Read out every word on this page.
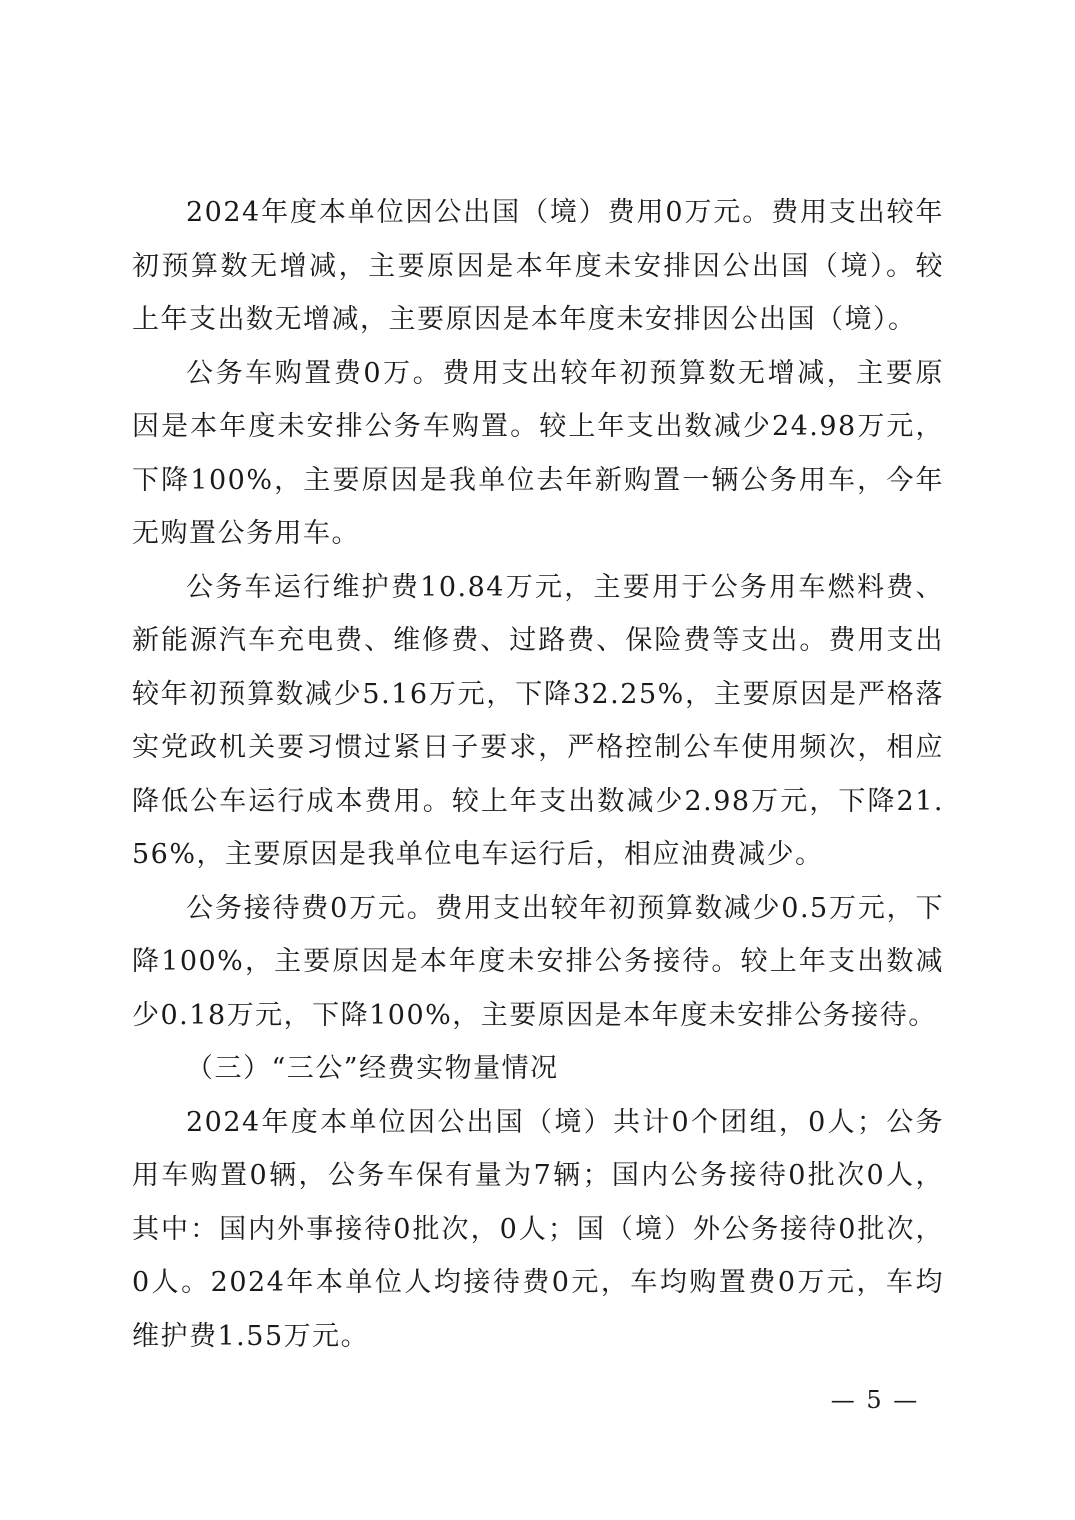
2024年度本单位因公出国（境）费用0万元。费用支出较年初预算数无增减，主要原因是本年度未安排因公出国（境）。较上年支出数无增减，主要原因是本年度未安排因公出国（境）。

公务车购置费0万。费用支出较年初预算数无增减，主要原因是本年度未安排公务车购置。较上年支出数减少24.98万元，下降100%，主要原因是我单位去年新购置一辆公务用车，今年无购置公务用车。

公务车运行维护费10.84万元，主要用于公务用车燃料费、新能源汽车充电费、维修费、过路费、保险费等支出。费用支出较年初预算数减少5.16万元，下降32.25%，主要原因是严格落实党政机关要习惯过紧日子要求，严格控制公车使用频次，相应降低公车运行成本费用。较上年支出数减少2.98万元，下降21.56%，主要原因是我单位电车运行后，相应油费减少。

公务接待费0万元。费用支出较年初预算数减少0.5万元，下降100%，主要原因是本年度未安排公务接待。较上年支出数减少0.18万元，下降100%，主要原因是本年度未安排公务接待。

（三）“三公”经费实物量情况

2024年度本单位因公出国（境）共计0个团组，0人；公务用车购置0辆，公务车保有量为7辆；国内公务接待0批次0人，其中：国内外事接待0批次，0人；国（境）外公务接待0批次，0人。2024年本单位人均接待费0元，车均购置费0万元，车均维护费1.55万元。

— 5 —
